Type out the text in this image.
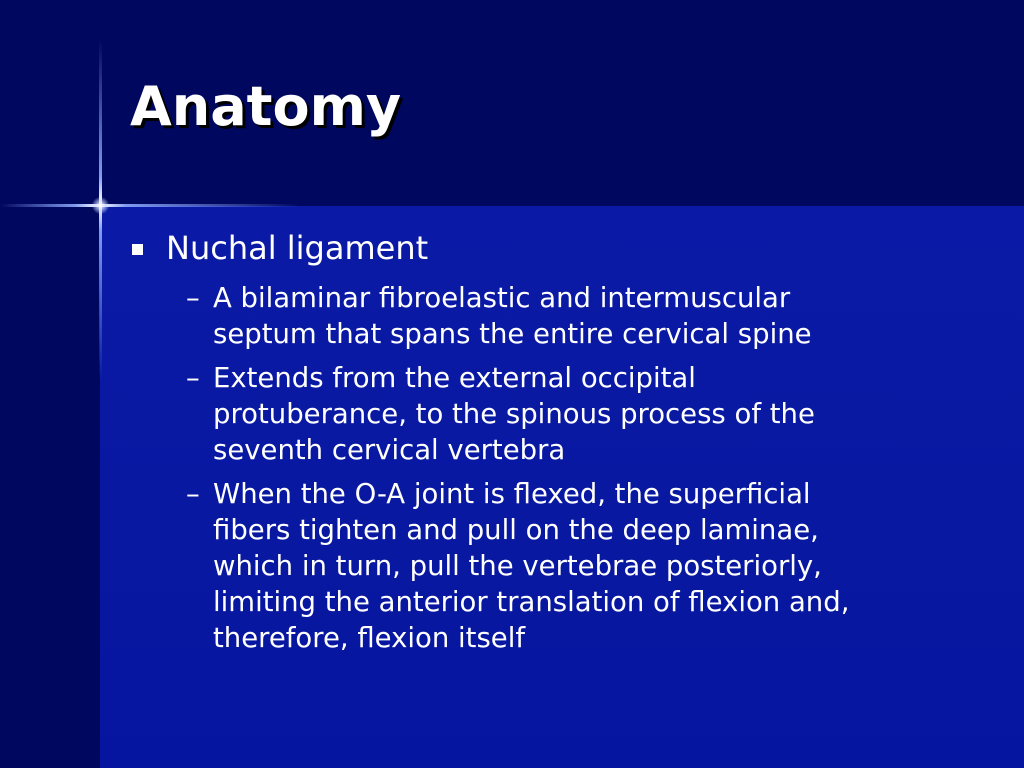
Anatomy
Nuchal ligament
– A bilaminar fibroelastic and intermuscular septum that spans the entire cervical spine
– Extends from the external occipital protuberance, to the spinous process of the seventh cervical vertebra
– When the O-A joint is flexed, the superficial fibers tighten and pull on the deep laminae, which in turn, pull the vertebrae posteriorly, limiting the anterior translation of flexion and, therefore, flexion itself
